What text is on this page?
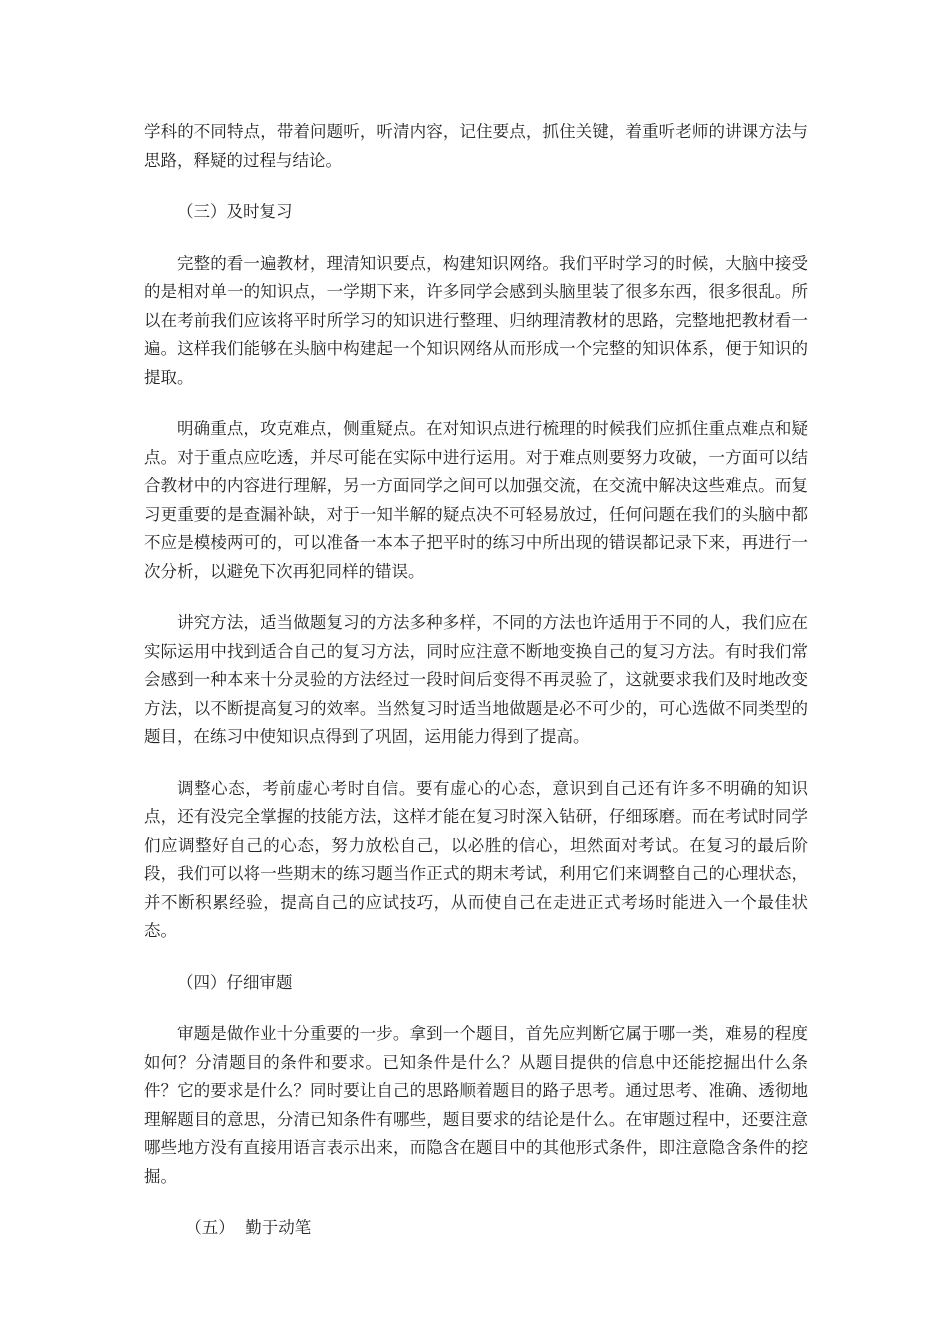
学科的不同特点，带着问题听，听清内容，记住要点，抓住关键，着重听老师的讲课方法与思路，释疑的过程与结论。

（三）及时复习

完整的看一遍教材，理清知识要点，构建知识网络。我们平时学习的时候，大脑中接受的是相对单一的知识点，一学期下来，许多同学会感到头脑里装了很多东西，很多很乱。所以在考前我们应该将平时所学习的知识进行整理、归纳理清教材的思路，完整地把教材看一遍。这样我们能够在头脑中构建起一个知识网络从而形成一个完整的知识体系，便于知识的提取。

明确重点，攻克难点，侧重疑点。在对知识点进行梳理的时候我们应抓住重点难点和疑点。对于重点应吃透，并尽可能在实际中进行运用。对于难点则要努力攻破，一方面可以结合教材中的内容进行理解，另一方面同学之间可以加强交流，在交流中解决这些难点。而复习更重要的是查漏补缺，对于一知半解的疑点决不可轻易放过，任何问题在我们的头脑中都不应是模棱两可的，可以准备一本本子把平时的练习中所出现的错误都记录下来，再进行一次分析，以避免下次再犯同样的错误。

讲究方法，适当做题复习的方法多种多样，不同的方法也许适用于不同的人，我们应在实际运用中找到适合自己的复习方法，同时应注意不断地变换自己的复习方法。有时我们常会感到一种本来十分灵验的方法经过一段时间后变得不再灵验了，这就要求我们及时地改变方法，以不断提高复习的效率。当然复习时适当地做题是必不可少的，可心选做不同类型的题目，在练习中使知识点得到了巩固，运用能力得到了提高。

调整心态，考前虚心考时自信。要有虚心的心态，意识到自己还有许多不明确的知识点，还有没完全掌握的技能方法，这样才能在复习时深入钻研，仔细琢磨。而在考试时同学们应调整好自己的心态，努力放松自己，以必胜的信心，坦然面对考试。在复习的最后阶段，我们可以将一些期末的练习题当作正式的期末考试，利用它们来调整自己的心理状态，并不断积累经验，提高自己的应试技巧，从而使自己在走进正式考场时能进入一个最佳状态。

（四）仔细审题

审题是做作业十分重要的一步。拿到一个题目，首先应判断它属于哪一类，难易的程度如何？分清题目的条件和要求。已知条件是什么？从题目提供的信息中还能挖掘出什么条件？它的要求是什么？同时要让自己的思路顺着题目的路子思考。通过思考、准确、透彻地理解题目的意思，分清已知条件有哪些，题目要求的结论是什么。在审题过程中，还要注意哪些地方没有直接用语言表示出来，而隐含在题目中的其他形式条件，即注意隐含条件的挖掘。

（五）  勤于动笔
